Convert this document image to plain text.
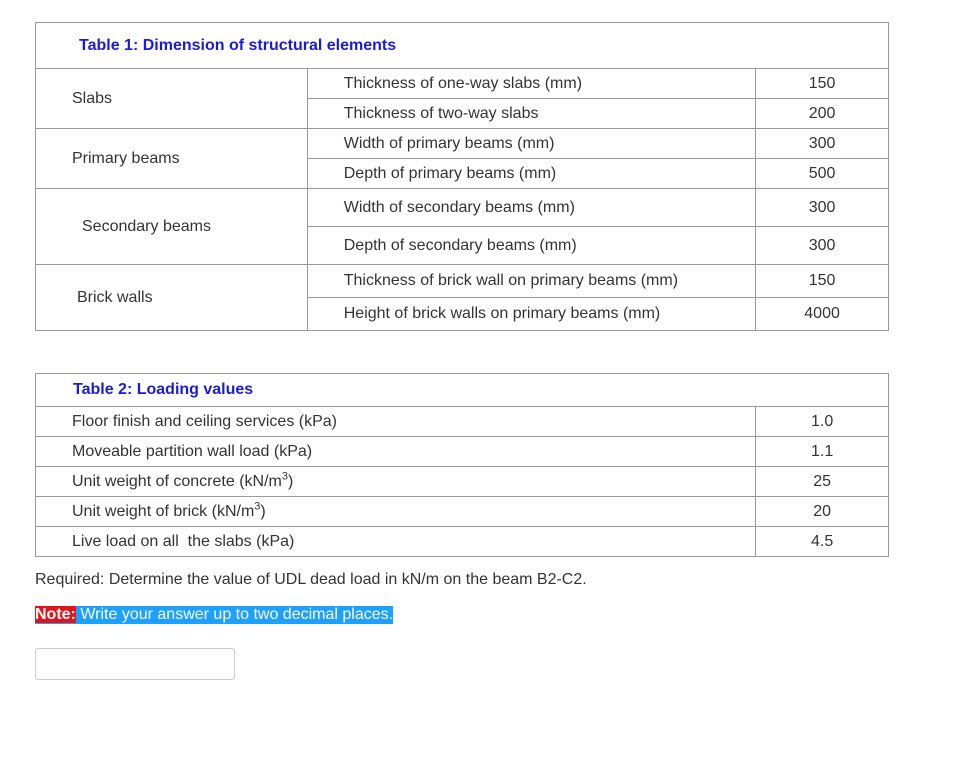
Table 1: Dimension of structural elements		
Slabs	Thickness of one-way slabs (mm)	150
	Thickness of two-way slabs	200
Primary beams	Width of primary beams (mm)	300
	Depth of primary beams (mm)	500
Secondary beams	Width of secondary beams (mm)	300
	Depth of secondary beams (mm)	300
Brick walls	Thickness of brick wall on primary beams (mm)	150
	Height of brick walls on primary beams (mm)	4000
Table 2: Loading values	
Floor finish and ceiling services (kPa)	1.0
Moveable partition wall load (kPa)	1.1
Unit weight of concrete $(kN/m^3)$	25
Unit weight of brick $(kN/m^3)$	20
Live load on all  the slabs (kPa)	4.5
Required: Determine the value of UDL dead load in kN/m on the beam B2-C2.
Note: Write your answer up to two decimal places.
